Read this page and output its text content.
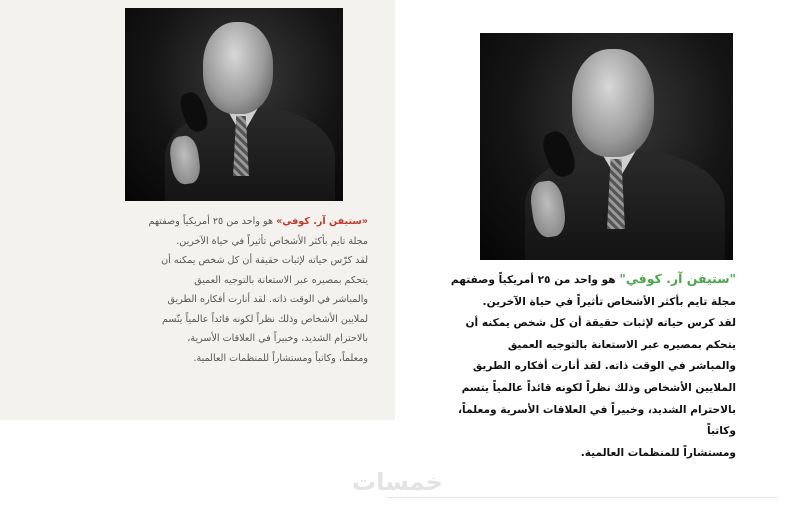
«ستيفن آر. كوفي» هو واحد من ٢٥ أمريكياً وصفتهم
مجلة تايم بأكثر الأشخاص تأثيراً في حياة الآخرين.
لقد كرّس حياته لإثبات حقيقة أن كل شخص يمكنه أن
يتحكم بمصيره عبر الاستعانة بالتوجيه العميق
والمباشر في الوقت ذاته. لقد أنارت أفكاره الطريق
لملايين الأشخاص وذلك نظراً لكونه قائداً عالمياً يتّسم
بالاحترام الشديد، وخبيراً في العلاقات الأسرية،
ومعلماً، وكاتباً ومستشاراً للمنظمات العالمية.
"ستيفن آر. كوفي" هو واحد من ٢٥ أمريكياً وصفتهم
مجلة تايم بأكثر الأشخاص تأثيراً في حياة الآخرين.
لقد كرس حياته لإثبات حقيقة أن كل شخص يمكنه أن
يتحكم بمصيره عبر الاستعانة بالتوجيه العميق
والمباشر في الوقت ذاته. لقد أنارت أفكاره الطريق
الملايين الأشخاص وذلك نظراً لكونه قائداً عالمياً يتسم
بالاحترام الشديد، وخبيراً في العلاقات الأسرية ومعلماً، وكاتباً
ومستشاراً للمنظمات العالمية.
خمسات
